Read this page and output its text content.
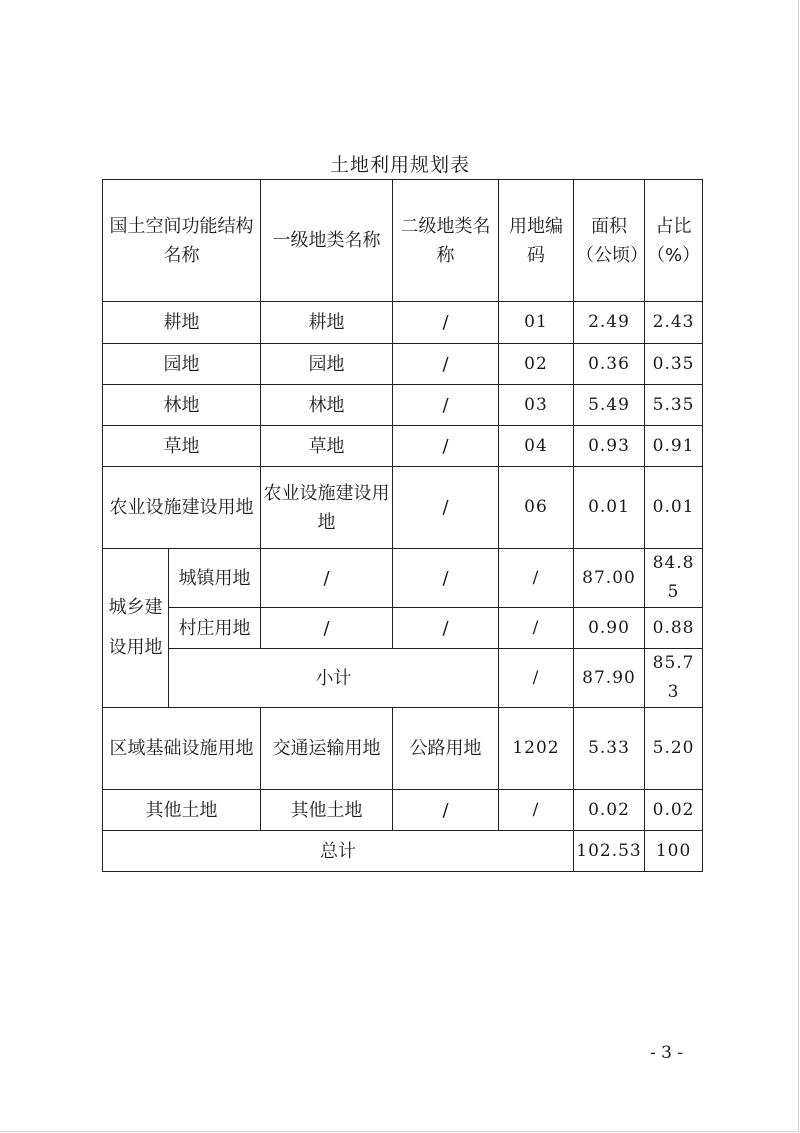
土地利用规划表
国土空间功能结构名称		一级地类名称	二级地类名称	用地编码	面积（公顷）	占比（%）
耕地		耕地	/	01	2.49	2.43
园地		园地	/	02	0.36	0.35
林地		林地	/	03	5.49	5.35
草地		草地	/	04	0.93	0.91
农业设施建设用地		农业设施建设用地	/	06	0.01	0.01
城乡建设用地	城镇用地	/	/	/	87.00	84.85
	村庄用地	/	/	/	0.90	0.88
	小计			/	87.90	85.73
区域基础设施用地		交通运输用地	公路用地	1202	5.33	5.20
其他土地		其他土地	/	/	0.02	0.02
总计					102.53	100
- 3 -
